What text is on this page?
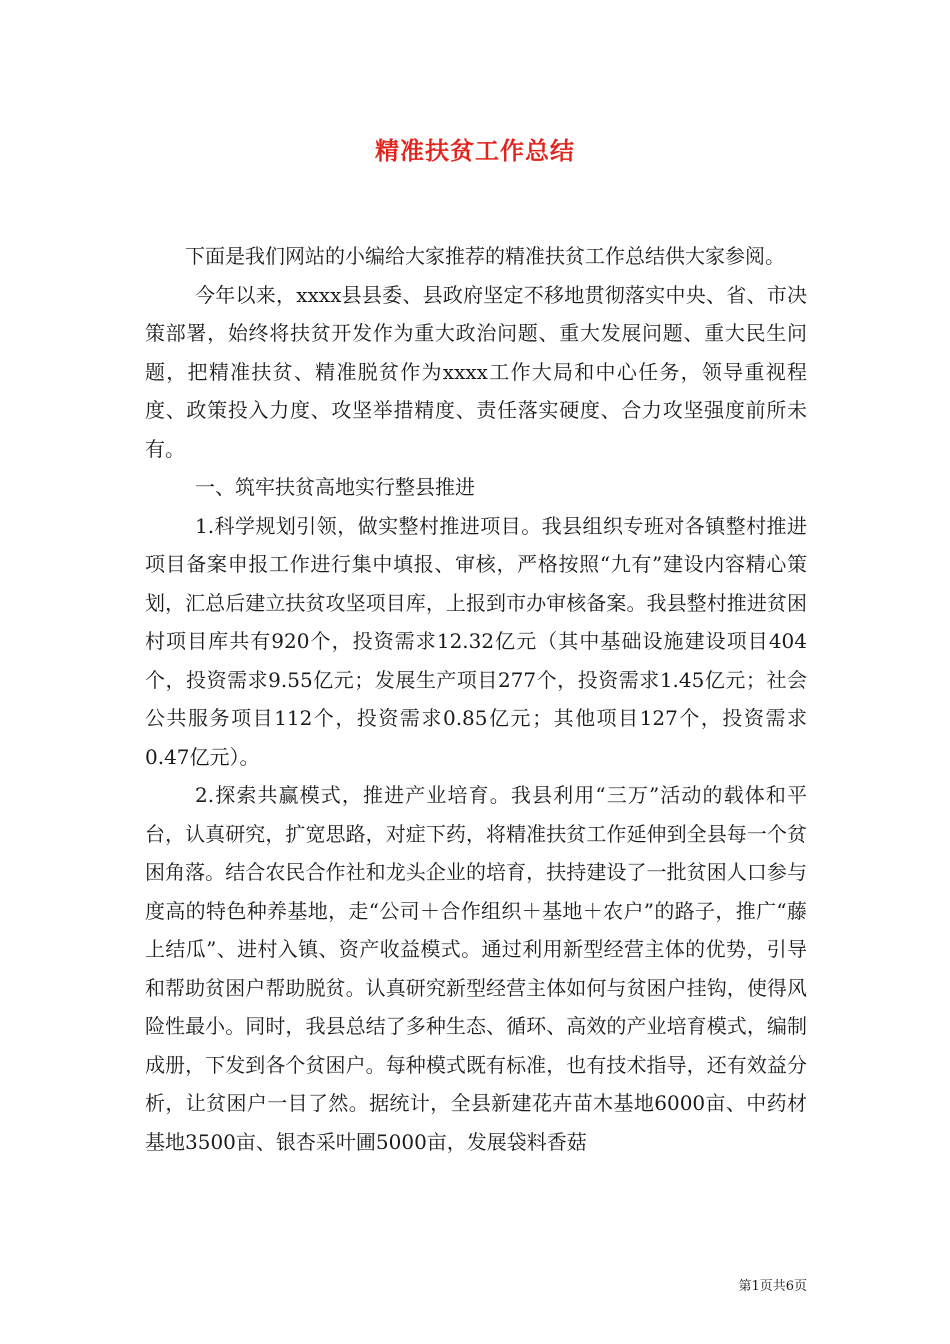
精准扶贫工作总结

下面是我们网站的小编给大家推荐的精准扶贫工作总结供大家参阅。

今年以来，xxxx县县委、县政府坚定不移地贯彻落实中央、省、市决策部署，始终将扶贫开发作为重大政治问题、重大发展问题、重大民生问题，把精准扶贫、精准脱贫作为xxxx工作大局和中心任务，领导重视程度、政策投入力度、攻坚举措精度、责任落实硬度、合力攻坚强度前所未有。

一、筑牢扶贫高地实行整县推进

1.科学规划引领，做实整村推进项目。我县组织专班对各镇整村推进项目备案申报工作进行集中填报、审核，严格按照“九有”建设内容精心策划，汇总后建立扶贫攻坚项目库，上报到市办审核备案。我县整村推进贫困村项目库共有920个，投资需求12.32亿元（其中基础设施建设项目404个，投资需求9.55亿元；发展生产项目277个，投资需求1.45亿元；社会公共服务项目112个，投资需求0.85亿元；其他项目127个，投资需求0.47亿元）。

2.探索共赢模式，推进产业培育。我县利用“三万”活动的载体和平台，认真研究，扩宽思路，对症下药，将精准扶贫工作延伸到全县每一个贫困角落。结合农民合作社和龙头企业的培育，扶持建设了一批贫困人口参与度高的特色种养基地，走“公司＋合作组织＋基地＋农户”的路子，推广“藤上结瓜”、进村入镇、资产收益模式。通过利用新型经营主体的优势，引导和帮助贫困户帮助脱贫。认真研究新型经营主体如何与贫困户挂钩，使得风险性最小。同时，我县总结了多种生态、循环、高效的产业培育模式，编制成册，下发到各个贫困户。每种模式既有标准，也有技术指导，还有效益分析，让贫困户一目了然。据统计，全县新建花卉苗木基地6000亩、中药材基地3500亩、银杏采叶圃5000亩，发展袋料香菇

第1页共6页
